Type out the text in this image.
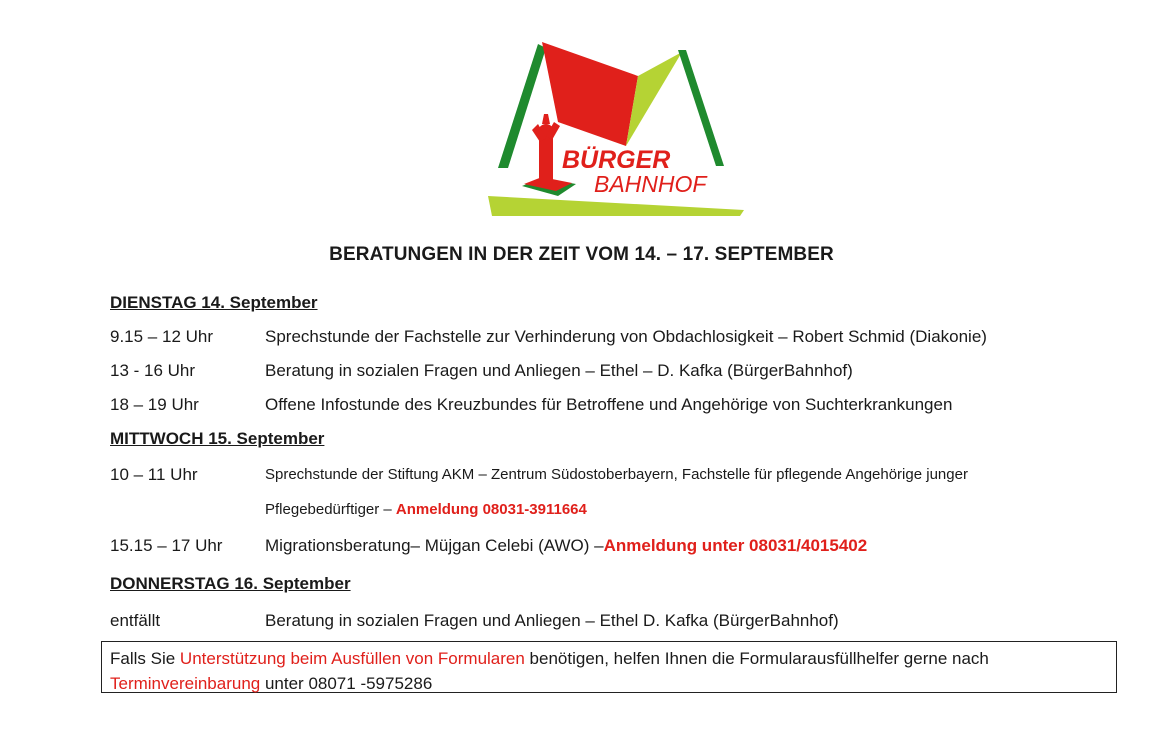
BÜRGER
BAHNHOF
BERATUNGEN IN DER ZEIT VOM 14. – 17. SEPTEMBER
DIENSTAG 14. September
9.15 – 12 Uhr	Sprechstunde der Fachstelle zur Verhinderung von Obdachlosigkeit – Robert Schmid (Diakonie)
13 - 16 Uhr	Beratung in sozialen Fragen und Anliegen – Ethel – D. Kafka (BürgerBahnhof)
18 – 19 Uhr	Offene Infostunde des Kreuzbundes für Betroffene und Angehörige von Suchterkrankungen
MITTWOCH 15. September
10 – 11 Uhr	Sprechstunde der Stiftung AKM – Zentrum Südostoberbayern, Fachstelle für pflegende Angehörige junger
Pflegebedürftiger – Anmeldung 08031-3911664
15.15 – 17 Uhr	Migrationsberatung– Müjgan Celebi (AWO) –Anmeldung unter 08031/4015402
DONNERSTAG 16. September
entfällt	Beratung in sozialen Fragen und Anliegen – Ethel D. Kafka (BürgerBahnhof)
Falls Sie Unterstützung beim Ausfüllen von Formularen benötigen, helfen Ihnen die Formularausfüllhelfer gerne nach
Terminvereinbarung unter 08071 -5975286
